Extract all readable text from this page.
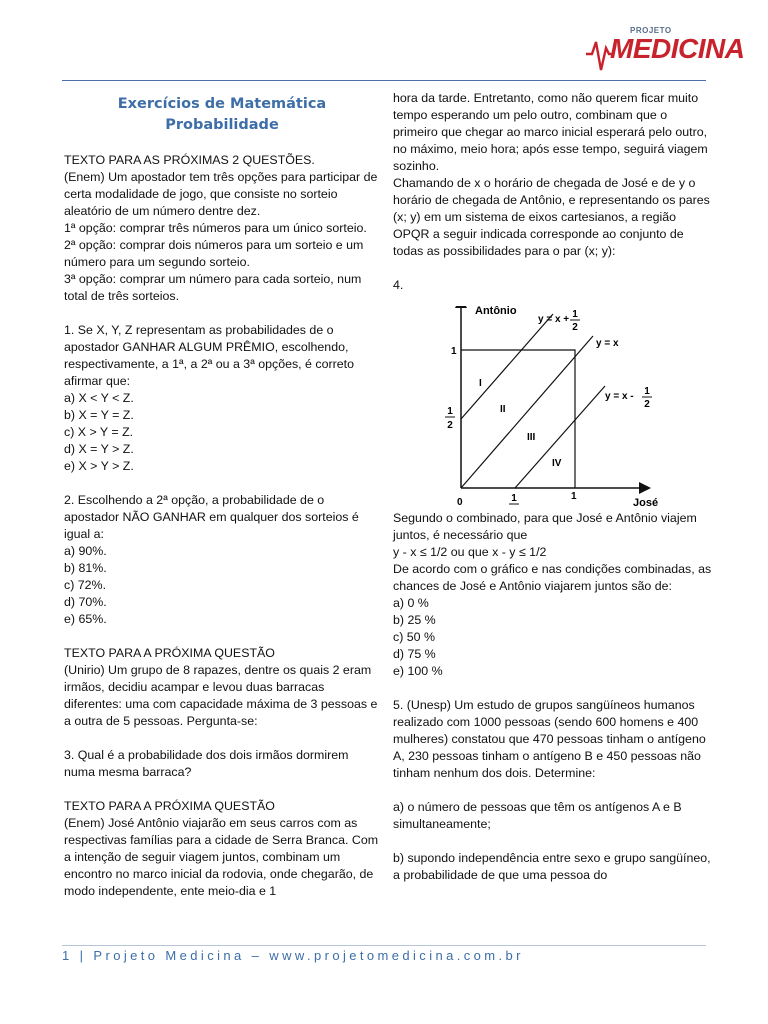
PROJETO
MEDICINA
Exercícios de Matemática
Probabilidade
TEXTO PARA AS PRÓXIMAS 2 QUESTÕES.
(Enem) Um apostador tem três opções para participar de certa modalidade de jogo, que consiste no sorteio aleatório de um número dentre dez.
1ª opção: comprar três números para um único sorteio.
2ª opção: comprar dois números para um sorteio e um número para um segundo sorteio.
3ª opção: comprar um número para cada sorteio, num total de três sorteios.
1. Se X, Y, Z representam as probabilidades de o apostador GANHAR ALGUM PRÊMIO, escolhendo, respectivamente, a 1ª, a 2ª ou a 3ª opções, é correto afirmar que:
a) X < Y < Z.
b) X = Y = Z.
c) X > Y = Z.
d) X = Y > Z.
e) X > Y > Z.
2. Escolhendo a 2ª opção, a probabilidade de o apostador NÃO GANHAR em qualquer dos sorteios é igual a:
a) 90%.
b) 81%.
c) 72%.
d) 70%.
e) 65%.
TEXTO PARA A PRÓXIMA QUESTÃO
(Unirio) Um grupo de 8 rapazes, dentre os quais 2 eram irmãos, decidiu acampar e levou duas barracas diferentes: uma com capacidade máxima de 3 pessoas e a outra de 5 pessoas. Pergunta-se:
3. Qual é a probabilidade dos dois irmãos dormirem numa mesma barraca?
TEXTO PARA A PRÓXIMA QUESTÃO
(Enem) José Antônio viajarão em seus carros com as respectivas famílias para a cidade de Serra Branca. Com a intenção de seguir viagem juntos, combinam um encontro no marco inicial da rodovia, onde chegarão, de modo independente, ente meio-dia e 1
hora da tarde. Entretanto, como não querem ficar muito tempo esperando um pelo outro, combinam que o primeiro que chegar ao marco inicial esperará pelo outro, no máximo, meio hora; após esse tempo, seguirá viagem sozinho.
Chamando de x o horário de chegada de José e de y o horário de chegada de Antônio, e representando os pares (x; y) em um sistema de eixos cartesianos, a região OPQR a seguir indicada corresponde ao conjunto de todas as possibilidades para o par (x; y):
4.
Antônio
José
y = x + 1
2
y = x
y = x - 1
2
1
1
2
0
1
1
I
II
III
IV
Segundo o combinado, para que José e Antônio viajem juntos, é necessário que
y - x ≤ 1/2 ou que x - y ≤ 1/2
De acordo com o gráfico e nas condições combinadas, as chances de José e Antônio viajarem juntos são de:
a) 0 %
b) 25 %
c) 50 %
d) 75 %
e) 100 %
5. (Unesp) Um estudo de grupos sangüíneos humanos realizado com 1000 pessoas (sendo 600 homens e 400 mulheres) constatou que 470 pessoas tinham o antígeno A, 230 pessoas tinham o antígeno B e 450 pessoas não tinham nenhum dos dois. Determine:
a) o número de pessoas que têm os antígenos A e B simultaneamente;
b) supondo independência entre sexo e grupo sangüíneo, a probabilidade de que uma pessoa do
1 | Projeto Medicina – www.projetomedicina.com.br
